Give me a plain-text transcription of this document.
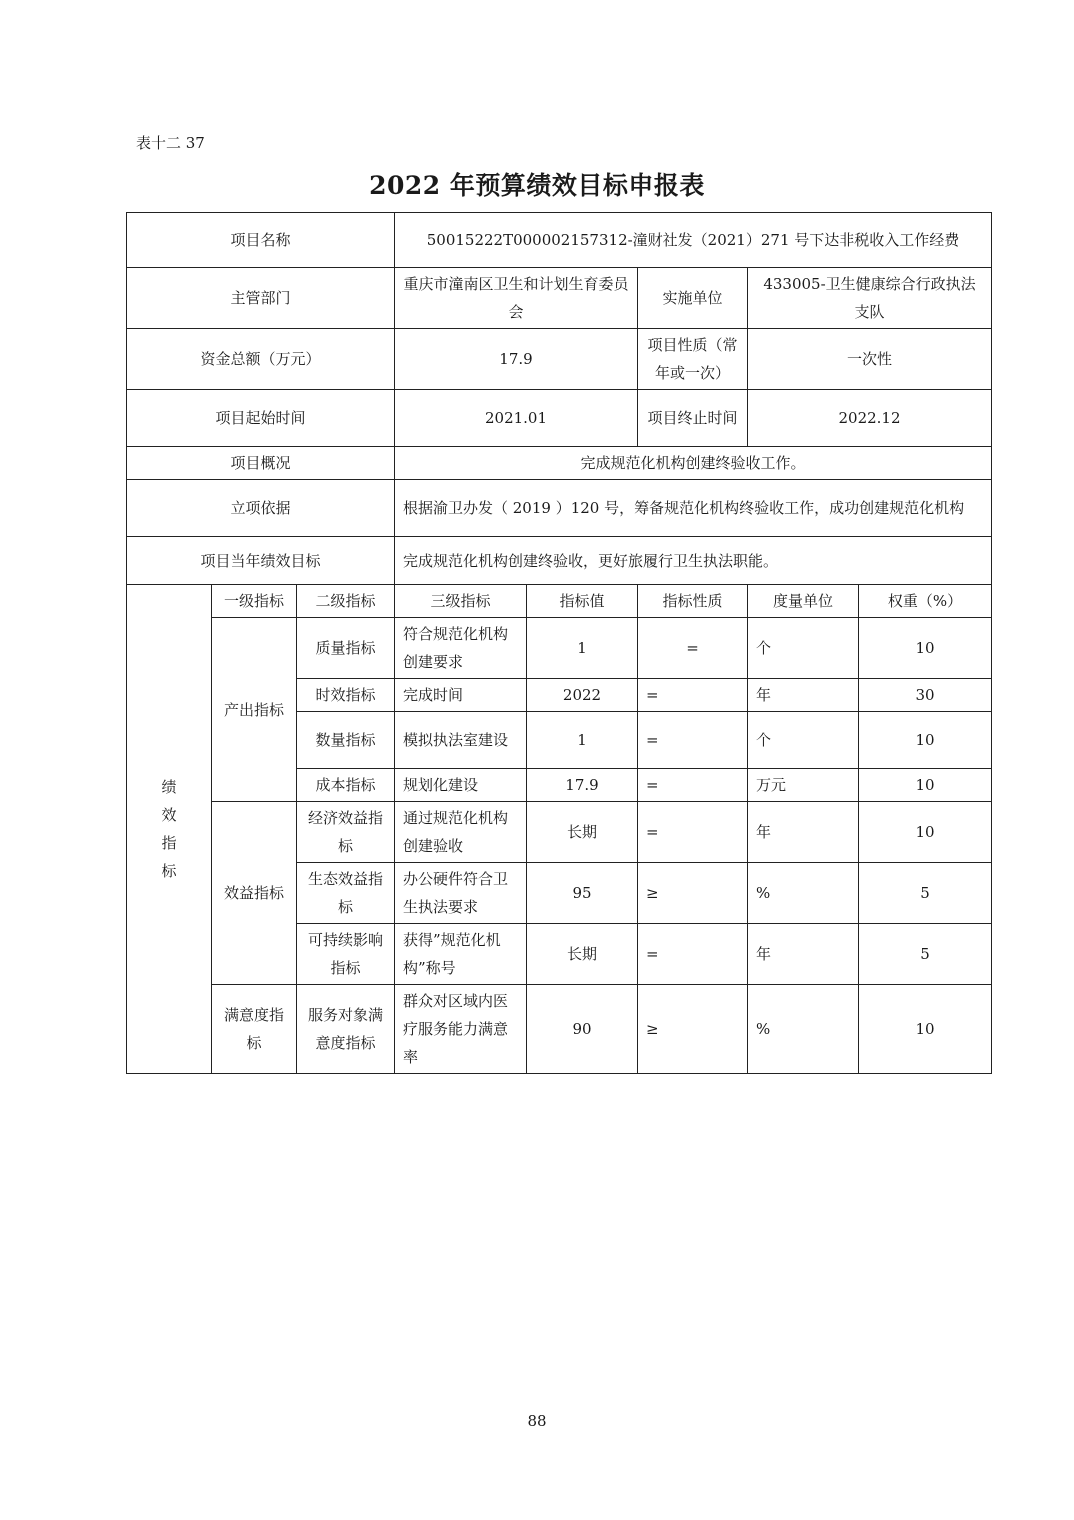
表十二 37
2022 年预算绩效目标申报表
项目名称			50015222T000002157312-潼财社发（2021）271 号下达非税收入工作经费				
主管部门			重庆市潼南区卫生和计划生育委员会		实施单位	433005-卫生健康综合行政执法支队	
资金总额（万元）			17.9		项目性质（常年或一次）	一次性	
项目起始时间			2021.01		项目终止时间	2022.12	
项目概况			完成规范化机构创建终验收工作。				
立项依据			根据渝卫办发（ 2019 ）120 号，筹备规范化机构终验收工作，成功创建规范化机构				
项目当年绩效目标			完成规范化机构创建终验收，更好旅履行卫生执法职能。				
绩
效
指
标	一级指标	二级指标	三级指标	指标值	指标性质	度量单位	权重（%）
	产出指标	质量指标	符合规范化机构创建要求	1	=	个	10
		时效指标	完成时间	2022	=	年	30
		数量指标	模拟执法室建设	1	=	个	10
		成本指标	规划化建设	17.9	=	万元	10
	效益指标	经济效益指标	通过规范化机构创建验收	长期	=	年	10
		生态效益指标	办公硬件符合卫生执法要求	95	≥	%	5
		可持续影响指标	获得”规范化机构”称号	长期	=	年	5
	满意度指标	服务对象满意度指标	群众对区域内医疗服务能力满意率	90	≥	%	10
88
